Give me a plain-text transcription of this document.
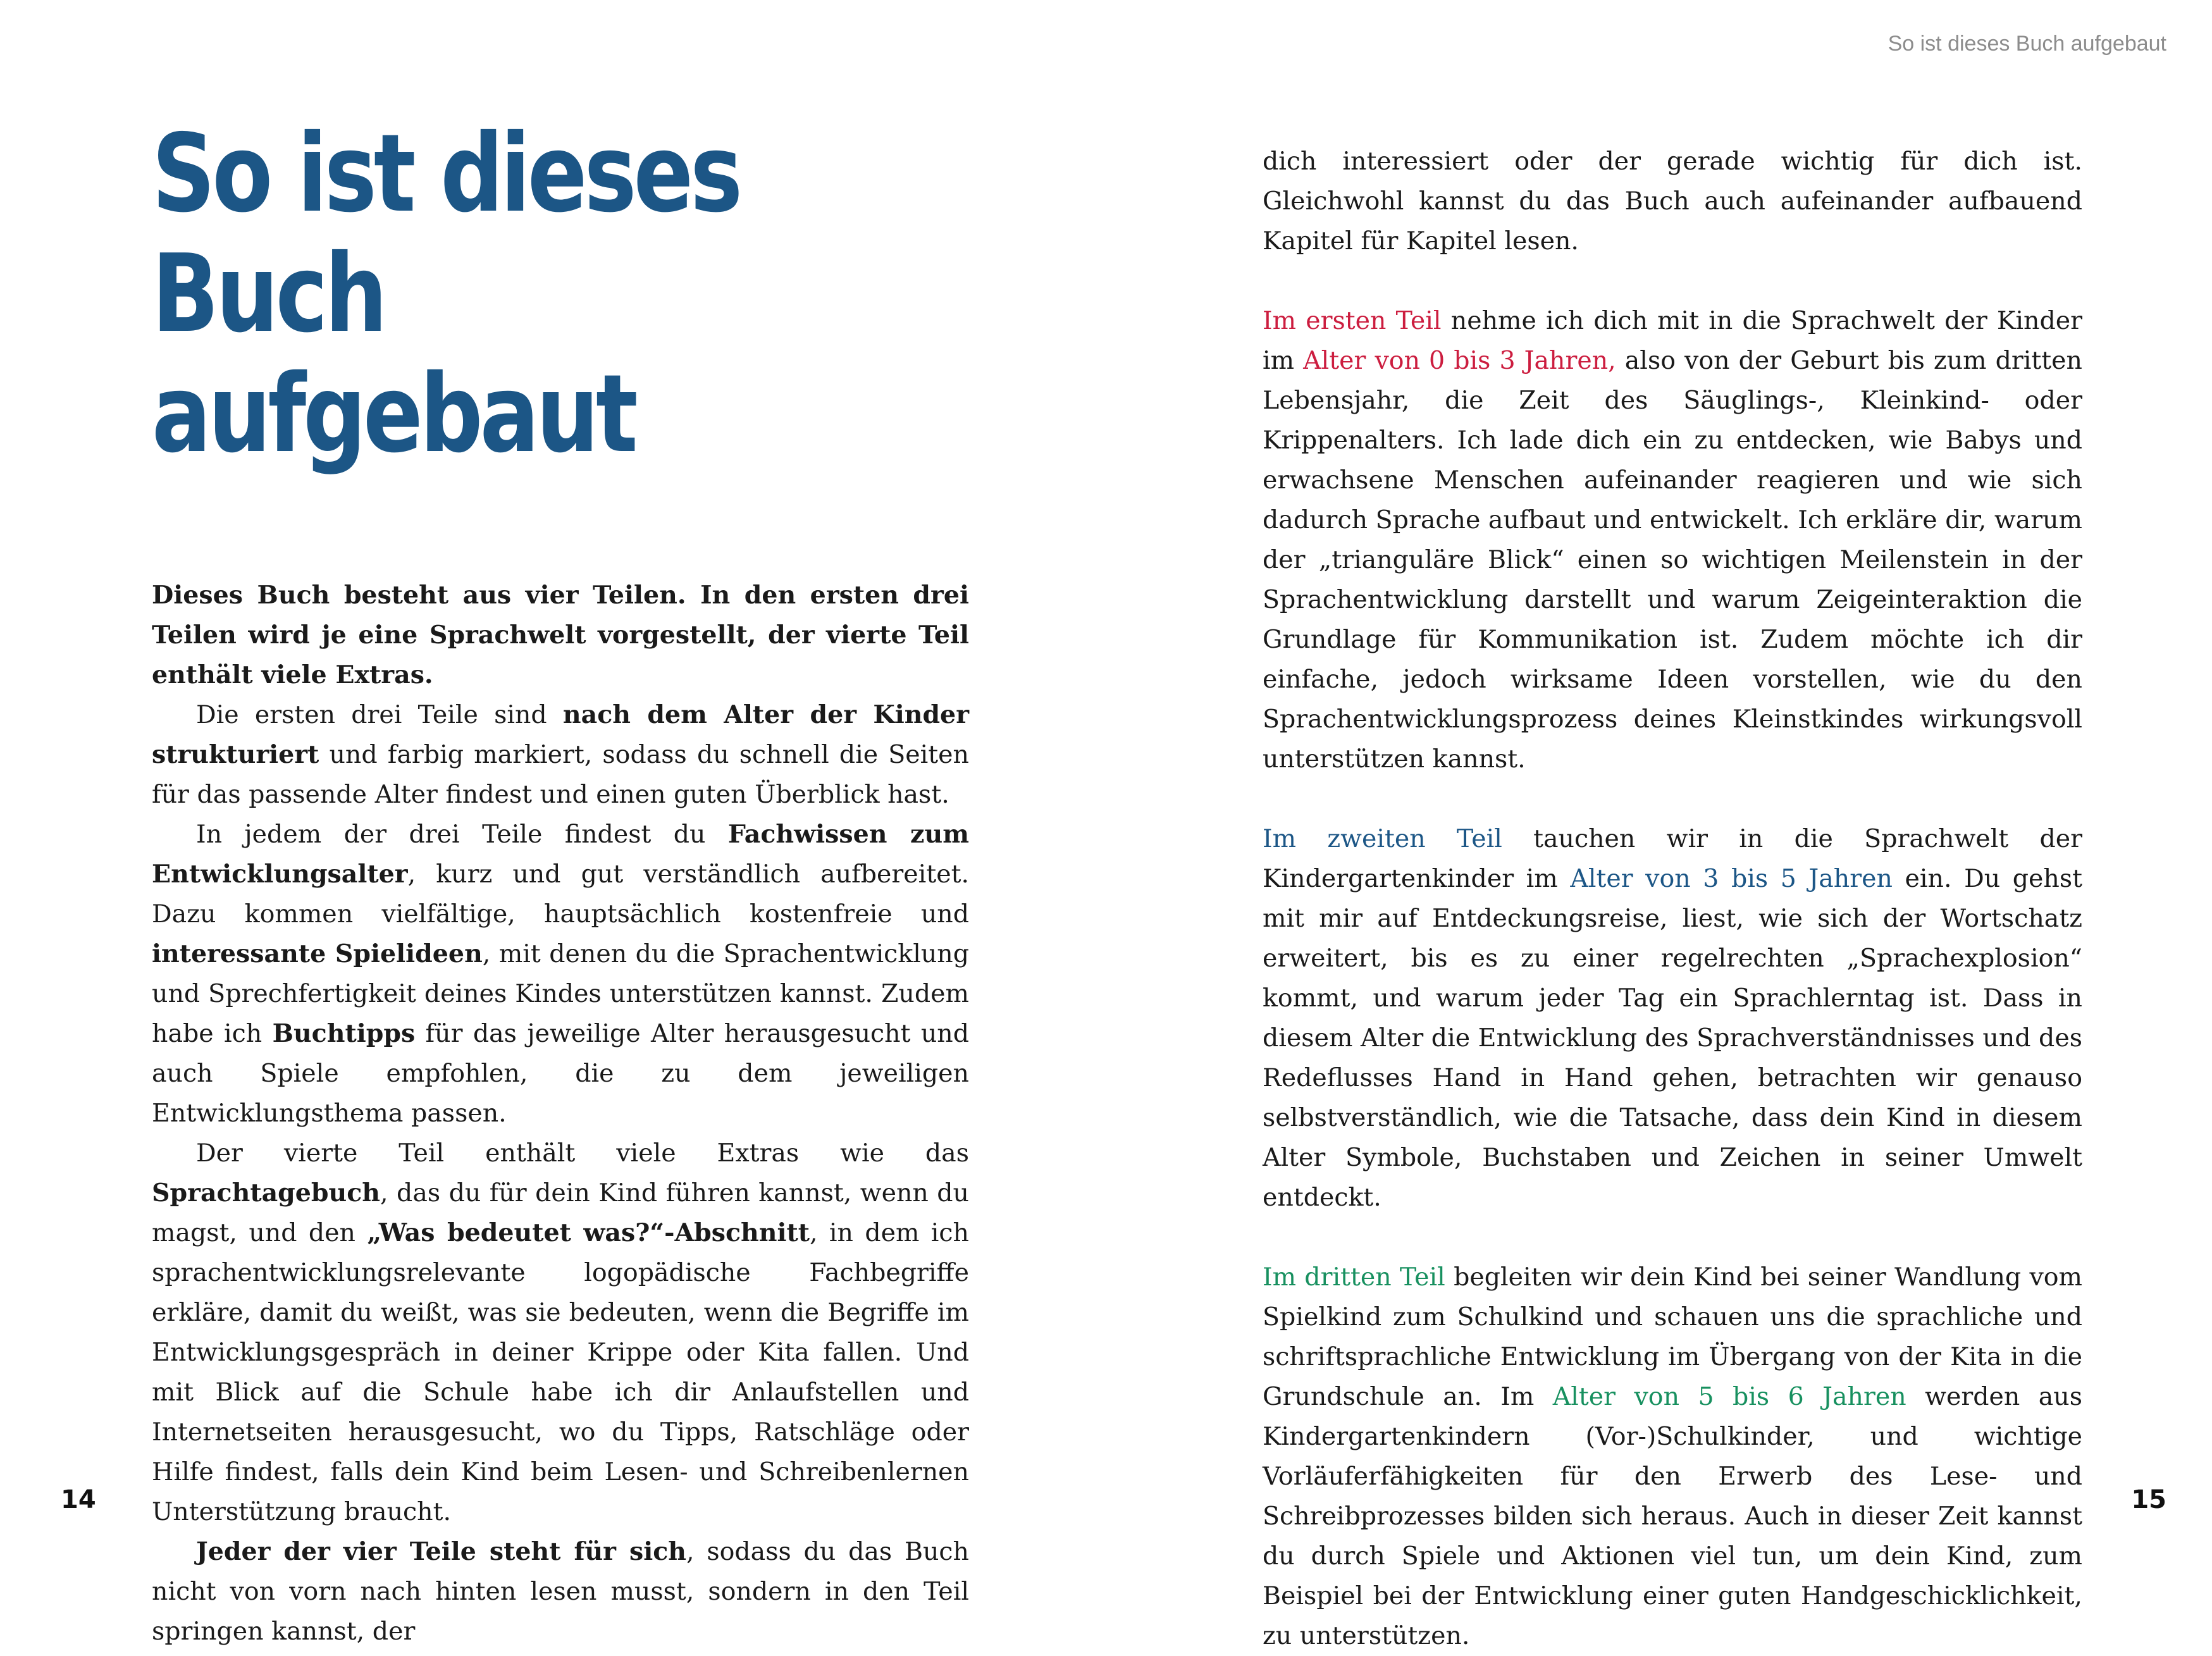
So ist dieses Buch aufgebaut
So ist dieses Buch
aufgebaut

Dieses Buch besteht aus vier Teilen. In den ersten drei Teilen wird je eine Sprachwelt vorgestellt, der vierte Teil enthält viele Extras.

Die ersten drei Teile sind nach dem Alter der Kinder strukturiert und farbig markiert, sodass du schnell die Seiten für das passende Alter findest und einen guten Überblick hast.

In jedem der drei Teile findest du Fachwissen zum Entwicklungsalter, kurz und gut verständlich aufbereitet. Dazu kommen vielfältige, hauptsächlich kostenfreie und interessante Spielideen, mit denen du die Sprachentwicklung und Sprechfertigkeit deines Kindes unterstützen kannst. Zudem habe ich Buchtipps für das jeweilige Alter herausgesucht und auch Spiele empfohlen, die zu dem jeweiligen Entwicklungsthema passen.

Der vierte Teil enthält viele Extras wie das Sprachtagebuch, das du für dein Kind führen kannst, wenn du magst, und den „Was bedeutet was?“-Abschnitt, in dem ich sprachentwicklungsrelevante logopädische Fachbegriffe erkläre, damit du weißt, was sie bedeuten, wenn die Begriffe im Entwicklungsgespräch in deiner Krippe oder Kita fallen. Und mit Blick auf die Schule habe ich dir Anlaufstellen und Internetseiten herausgesucht, wo du Tipps, Ratschläge oder Hilfe findest, falls dein Kind beim Lesen- und Schreibenlernen Unterstützung braucht.

Jeder der vier Teile steht für sich, sodass du das Buch nicht von vorn nach hinten lesen musst, sondern in den Teil springen kannst, der

dich interessiert oder der gerade wichtig für dich ist. Gleichwohl kannst du das Buch auch aufeinander aufbauend Kapitel für Kapitel lesen.

Im ersten Teil nehme ich dich mit in die Sprachwelt der Kinder im Alter von 0 bis 3 Jahren, also von der Geburt bis zum dritten Lebensjahr, die Zeit des Säuglings-, Kleinkind- oder Krippenalters. Ich lade dich ein zu entdecken, wie Babys und erwachsene Menschen aufeinander reagieren und wie sich dadurch Sprache aufbaut und entwickelt. Ich erkläre dir, warum der „trianguläre Blick“ einen so wichtigen Meilenstein in der Sprachentwicklung darstellt und warum Zeigeinteraktion die Grundlage für Kommunikation ist. Zudem möchte ich dir einfache, jedoch wirksame Ideen vorstellen, wie du den Sprachentwicklungsprozess deines Kleinstkindes wirkungsvoll unterstützen kannst.

Im zweiten Teil tauchen wir in die Sprachwelt der Kindergartenkinder im Alter von 3 bis 5 Jahren ein. Du gehst mit mir auf Entdeckungsreise, liest, wie sich der Wortschatz erweitert, bis es zu einer regelrechten „Sprachexplosion“ kommt, und warum jeder Tag ein Sprachlerntag ist. Dass in diesem Alter die Entwicklung des Sprachverständnisses und des Redeflusses Hand in Hand gehen, betrachten wir genauso selbstverständlich, wie die Tatsache, dass dein Kind in diesem Alter Symbole, Buchstaben und Zeichen in seiner Umwelt entdeckt.

Im dritten Teil begleiten wir dein Kind bei seiner Wandlung vom Spielkind zum Schulkind und schauen uns die sprachliche und schriftsprachliche Entwicklung im Übergang von der Kita in die Grundschule an. Im Alter von 5 bis 6 Jahren werden aus Kindergartenkindern (Vor-)Schulkinder, und wichtige Vorläuferfähigkeiten für den Erwerb des Lese- und Schreibprozesses bilden sich heraus. Auch in dieser Zeit kannst du durch Spiele und Aktionen viel tun, um dein Kind, zum Beispiel bei der Entwicklung einer guten Handgeschicklichkeit, zu unterstützen.

14	15
